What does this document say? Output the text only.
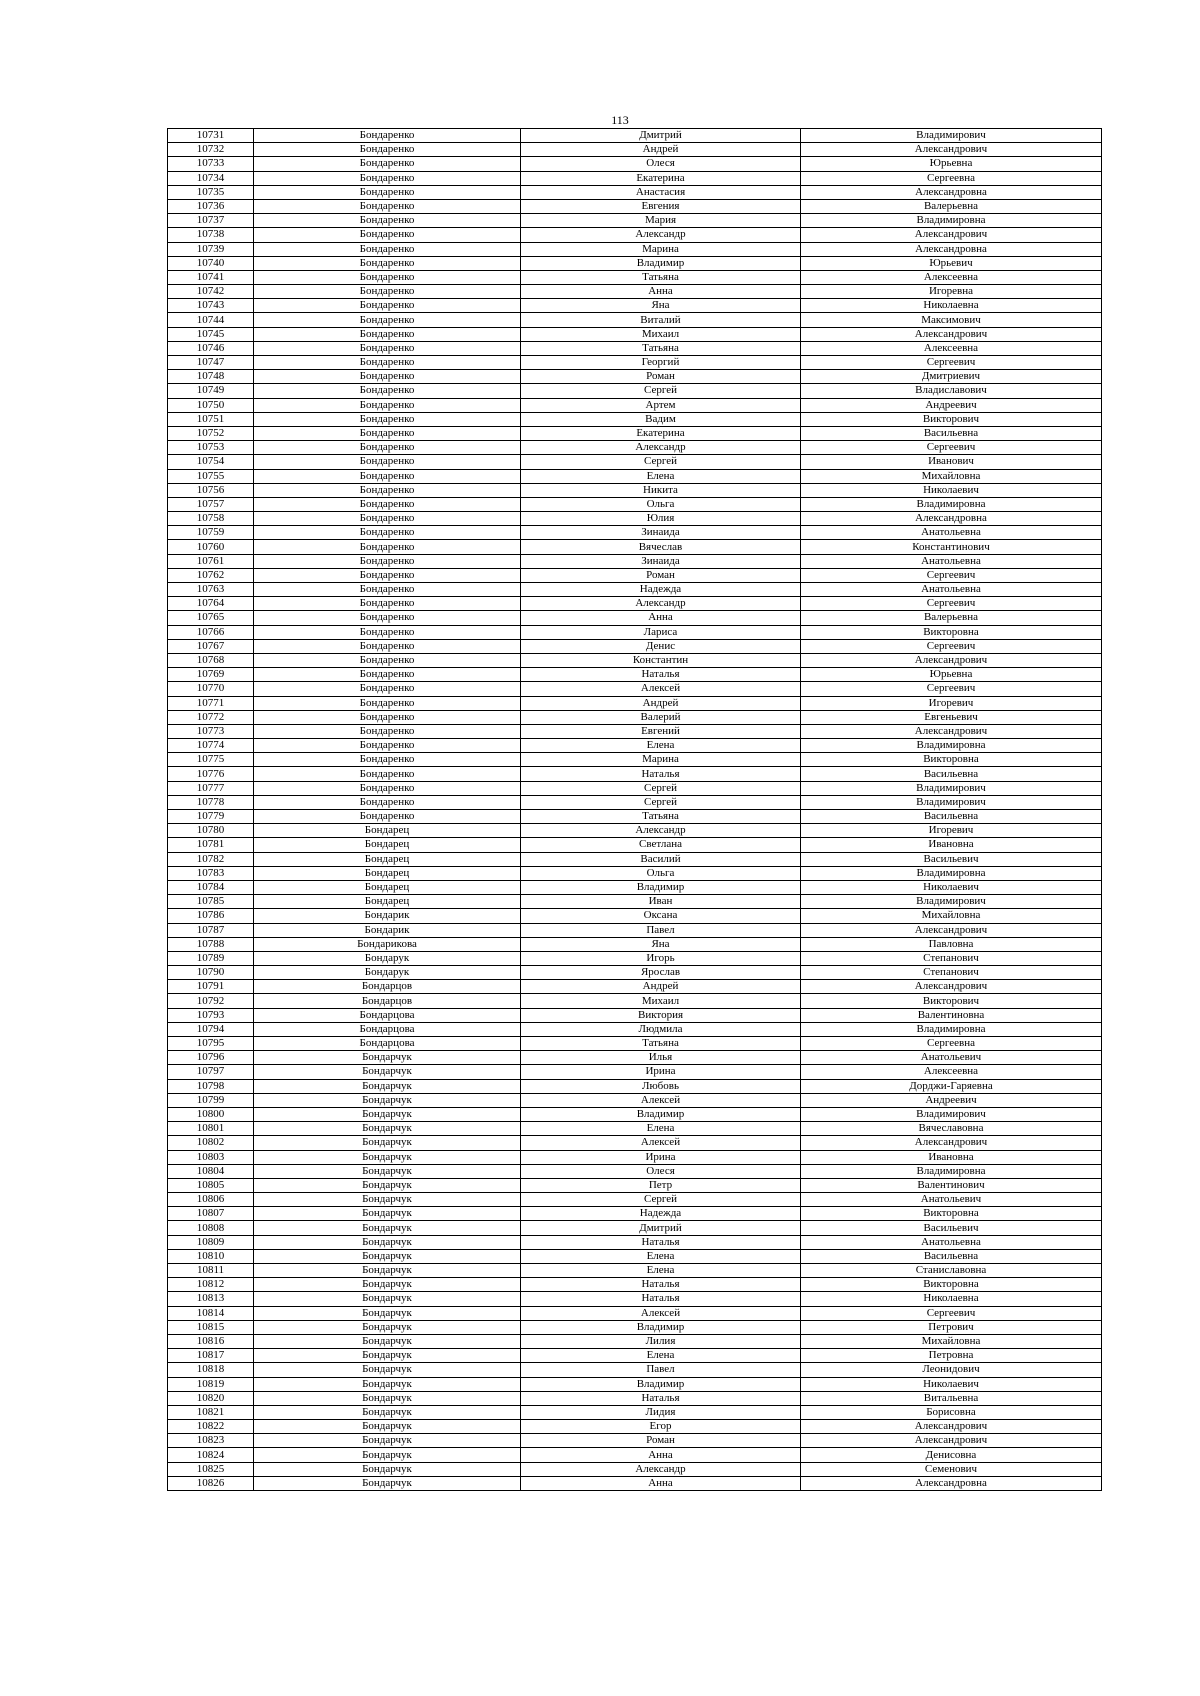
113
10731	Бондаренко	Дмитрий	Владимирович
10732	Бондаренко	Андрей	Александрович
10733	Бондаренко	Олеся	Юрьевна
10734	Бондаренко	Екатерина	Сергеевна
10735	Бондаренко	Анастасия	Александровна
10736	Бондаренко	Евгения	Валерьевна
10737	Бондаренко	Мария	Владимировна
10738	Бондаренко	Александр	Александрович
10739	Бондаренко	Марина	Александровна
10740	Бондаренко	Владимир	Юрьевич
10741	Бондаренко	Татьяна	Алексеевна
10742	Бондаренко	Анна	Игоревна
10743	Бондаренко	Яна	Николаевна
10744	Бондаренко	Виталий	Максимович
10745	Бондаренко	Михаил	Александрович
10746	Бондаренко	Татьяна	Алексеевна
10747	Бондаренко	Георгий	Сергеевич
10748	Бондаренко	Роман	Дмитриевич
10749	Бондаренко	Сергей	Владиславович
10750	Бондаренко	Артем	Андреевич
10751	Бондаренко	Вадим	Викторович
10752	Бондаренко	Екатерина	Васильевна
10753	Бондаренко	Александр	Сергеевич
10754	Бондаренко	Сергей	Иванович
10755	Бондаренко	Елена	Михайловна
10756	Бондаренко	Никита	Николаевич
10757	Бондаренко	Ольга	Владимировна
10758	Бондаренко	Юлия	Александровна
10759	Бондаренко	Зинаида	Анатольевна
10760	Бондаренко	Вячеслав	Константинович
10761	Бондаренко	Зинаида	Анатольевна
10762	Бондаренко	Роман	Сергеевич
10763	Бондаренко	Надежда	Анатольевна
10764	Бондаренко	Александр	Сергеевич
10765	Бондаренко	Анна	Валерьевна
10766	Бондаренко	Лариса	Викторовна
10767	Бондаренко	Денис	Сергеевич
10768	Бондаренко	Константин	Александрович
10769	Бондаренко	Наталья	Юрьевна
10770	Бондаренко	Алексей	Сергеевич
10771	Бондаренко	Андрей	Игоревич
10772	Бондаренко	Валерий	Евгеньевич
10773	Бондаренко	Евгений	Александрович
10774	Бондаренко	Елена	Владимировна
10775	Бондаренко	Марина	Викторовна
10776	Бондаренко	Наталья	Васильевна
10777	Бондаренко	Сергей	Владимирович
10778	Бондаренко	Сергей	Владимирович
10779	Бондаренко	Татьяна	Васильевна
10780	Бондарец	Александр	Игоревич
10781	Бондарец	Светлана	Ивановна
10782	Бондарец	Василий	Васильевич
10783	Бондарец	Ольга	Владимировна
10784	Бондарец	Владимир	Николаевич
10785	Бондарец	Иван	Владимирович
10786	Бондарик	Оксана	Михайловна
10787	Бондарик	Павел	Александрович
10788	Бондарикова	Яна	Павловна
10789	Бондарук	Игорь	Степанович
10790	Бондарук	Ярослав	Степанович
10791	Бондарцов	Андрей	Александрович
10792	Бондарцов	Михаил	Викторович
10793	Бондарцова	Виктория	Валентиновна
10794	Бондарцова	Людмила	Владимировна
10795	Бондарцова	Татьяна	Сергеевна
10796	Бондарчук	Илья	Анатольевич
10797	Бондарчук	Ирина	Алексеевна
10798	Бондарчук	Любовь	Дорджи-Гаряевна
10799	Бондарчук	Алексей	Андреевич
10800	Бондарчук	Владимир	Владимирович
10801	Бондарчук	Елена	Вячеславовна
10802	Бондарчук	Алексей	Александрович
10803	Бондарчук	Ирина	Ивановна
10804	Бондарчук	Олеся	Владимировна
10805	Бондарчук	Петр	Валентинович
10806	Бондарчук	Сергей	Анатольевич
10807	Бондарчук	Надежда	Викторовна
10808	Бондарчук	Дмитрий	Васильевич
10809	Бондарчук	Наталья	Анатольевна
10810	Бондарчук	Елена	Васильевна
10811	Бондарчук	Елена	Станиславовна
10812	Бондарчук	Наталья	Викторовна
10813	Бондарчук	Наталья	Николаевна
10814	Бондарчук	Алексей	Сергеевич
10815	Бондарчук	Владимир	Петрович
10816	Бондарчук	Лилия	Михайловна
10817	Бондарчук	Елена	Петровна
10818	Бондарчук	Павел	Леонидович
10819	Бондарчук	Владимир	Николаевич
10820	Бондарчук	Наталья	Витальевна
10821	Бондарчук	Лидия	Борисовна
10822	Бондарчук	Егор	Александрович
10823	Бондарчук	Роман	Александрович
10824	Бондарчук	Анна	Денисовна
10825	Бондарчук	Александр	Семенович
10826	Бондарчук	Анна	Александровна
